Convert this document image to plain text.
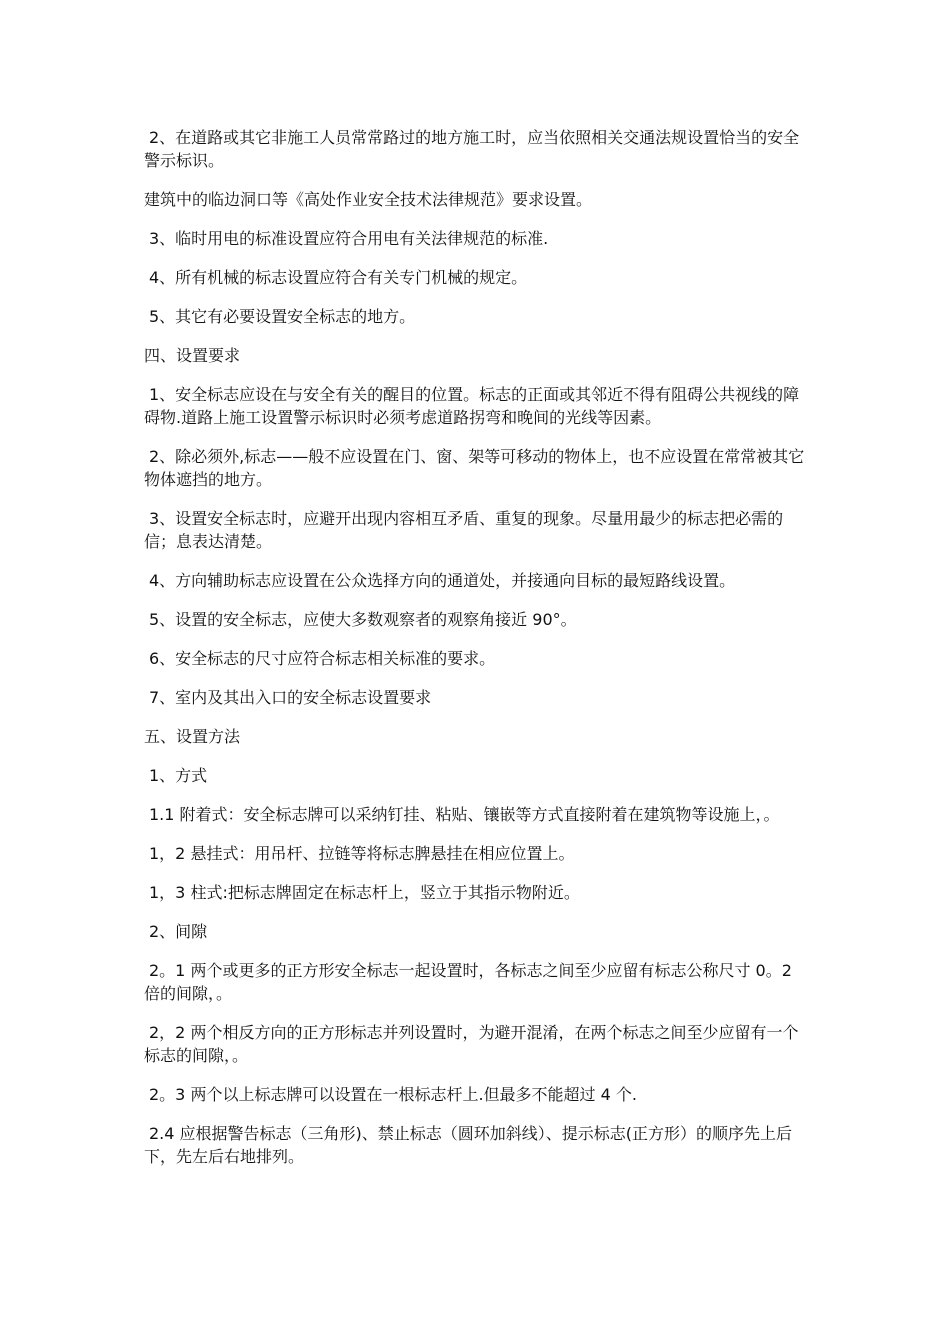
2、在道路或其它非施工人员常常路过的地方施工时，应当依照相关交通法规设置恰当的安全警示标识。

建筑中的临边洞口等《高处作业安全技术法律规范》要求设置。

3、临时用电的标准设置应符合用电有关法律规范的标准.

4、所有机械的标志设置应符合有关专门机械的规定。

5、其它有必要设置安全标志的地方。

四、设置要求

1、安全标志应设在与安全有关的醒目的位置。标志的正面或其邻近不得有阻碍公共视线的障碍物.道路上施工设置警示标识时必须考虑道路拐弯和晚间的光线等因素。

2、除必须外,标志——般不应设置在门、窗、架等可移动的物体上，也不应设置在常常被其它物体遮挡的地方。

3、设置安全标志时，应避开出现内容相互矛盾、重复的现象。尽量用最少的标志把必需的信；息表达清楚。

4、方向辅助标志应设置在公众选择方向的通道处，并接通向目标的最短路线设置。

5、设置的安全标志，应使大多数观察者的观察角接近 90°。

6、安全标志的尺寸应符合标志相关标准的要求。

7、室内及其出入口的安全标志设置要求

五、设置方法

1、方式

1.1 附着式：安全标志牌可以采纳钉挂、粘贴、镶嵌等方式直接附着在建筑物等设施上，。

1，2 悬挂式：用吊杆、拉链等将标志脾悬挂在相应位置上。

1，3 柱式:把标志牌固定在标志杆上，竖立于其指示物附近。

2、间隙

2。1 两个或更多的正方形安全标志一起设置时，各标志之间至少应留有标志公称尺寸 0。2 倍的间隙，。

2，2 两个相反方向的正方形标志并列设置时，为避开混淆，在两个标志之间至少应留有一个标志的间隙，。

2。3 两个以上标志牌可以设置在一根标志杆上.但最多不能超过 4 个.

2.4 应根据警告标志（三角形)、禁止标志（圆环加斜线）、提示标志(正方形）的顺序先上后下，先左后右地排列。
